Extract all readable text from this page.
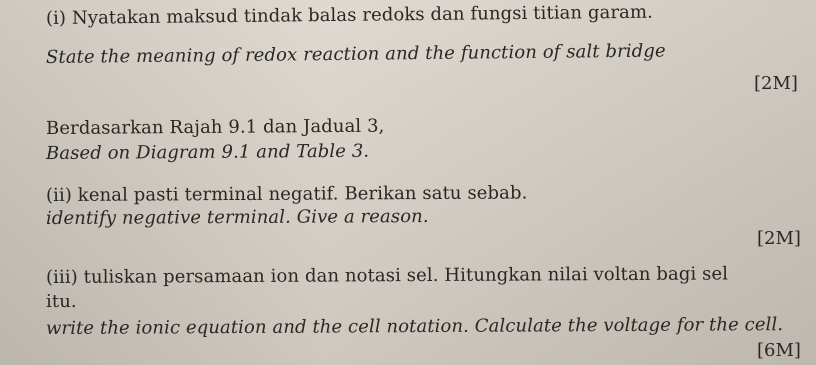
(i) Nyatakan maksud tindak balas redoks dan fungsi titian garam.
State the meaning of redox reaction and the function of salt bridge
[2M]
Berdasarkan Rajah 9.1 dan Jadual 3,
Based on Diagram 9.1 and Table 3.
(ii) kenal pasti terminal negatif. Berikan satu sebab.
identify negative terminal. Give a reason.
[2M]
(iii) tuliskan persamaan ion dan notasi sel. Hitungkan nilai voltan bagi sel
itu.
write the ionic equation and the cell notation. Calculate the voltage for the cell.
[6M]
